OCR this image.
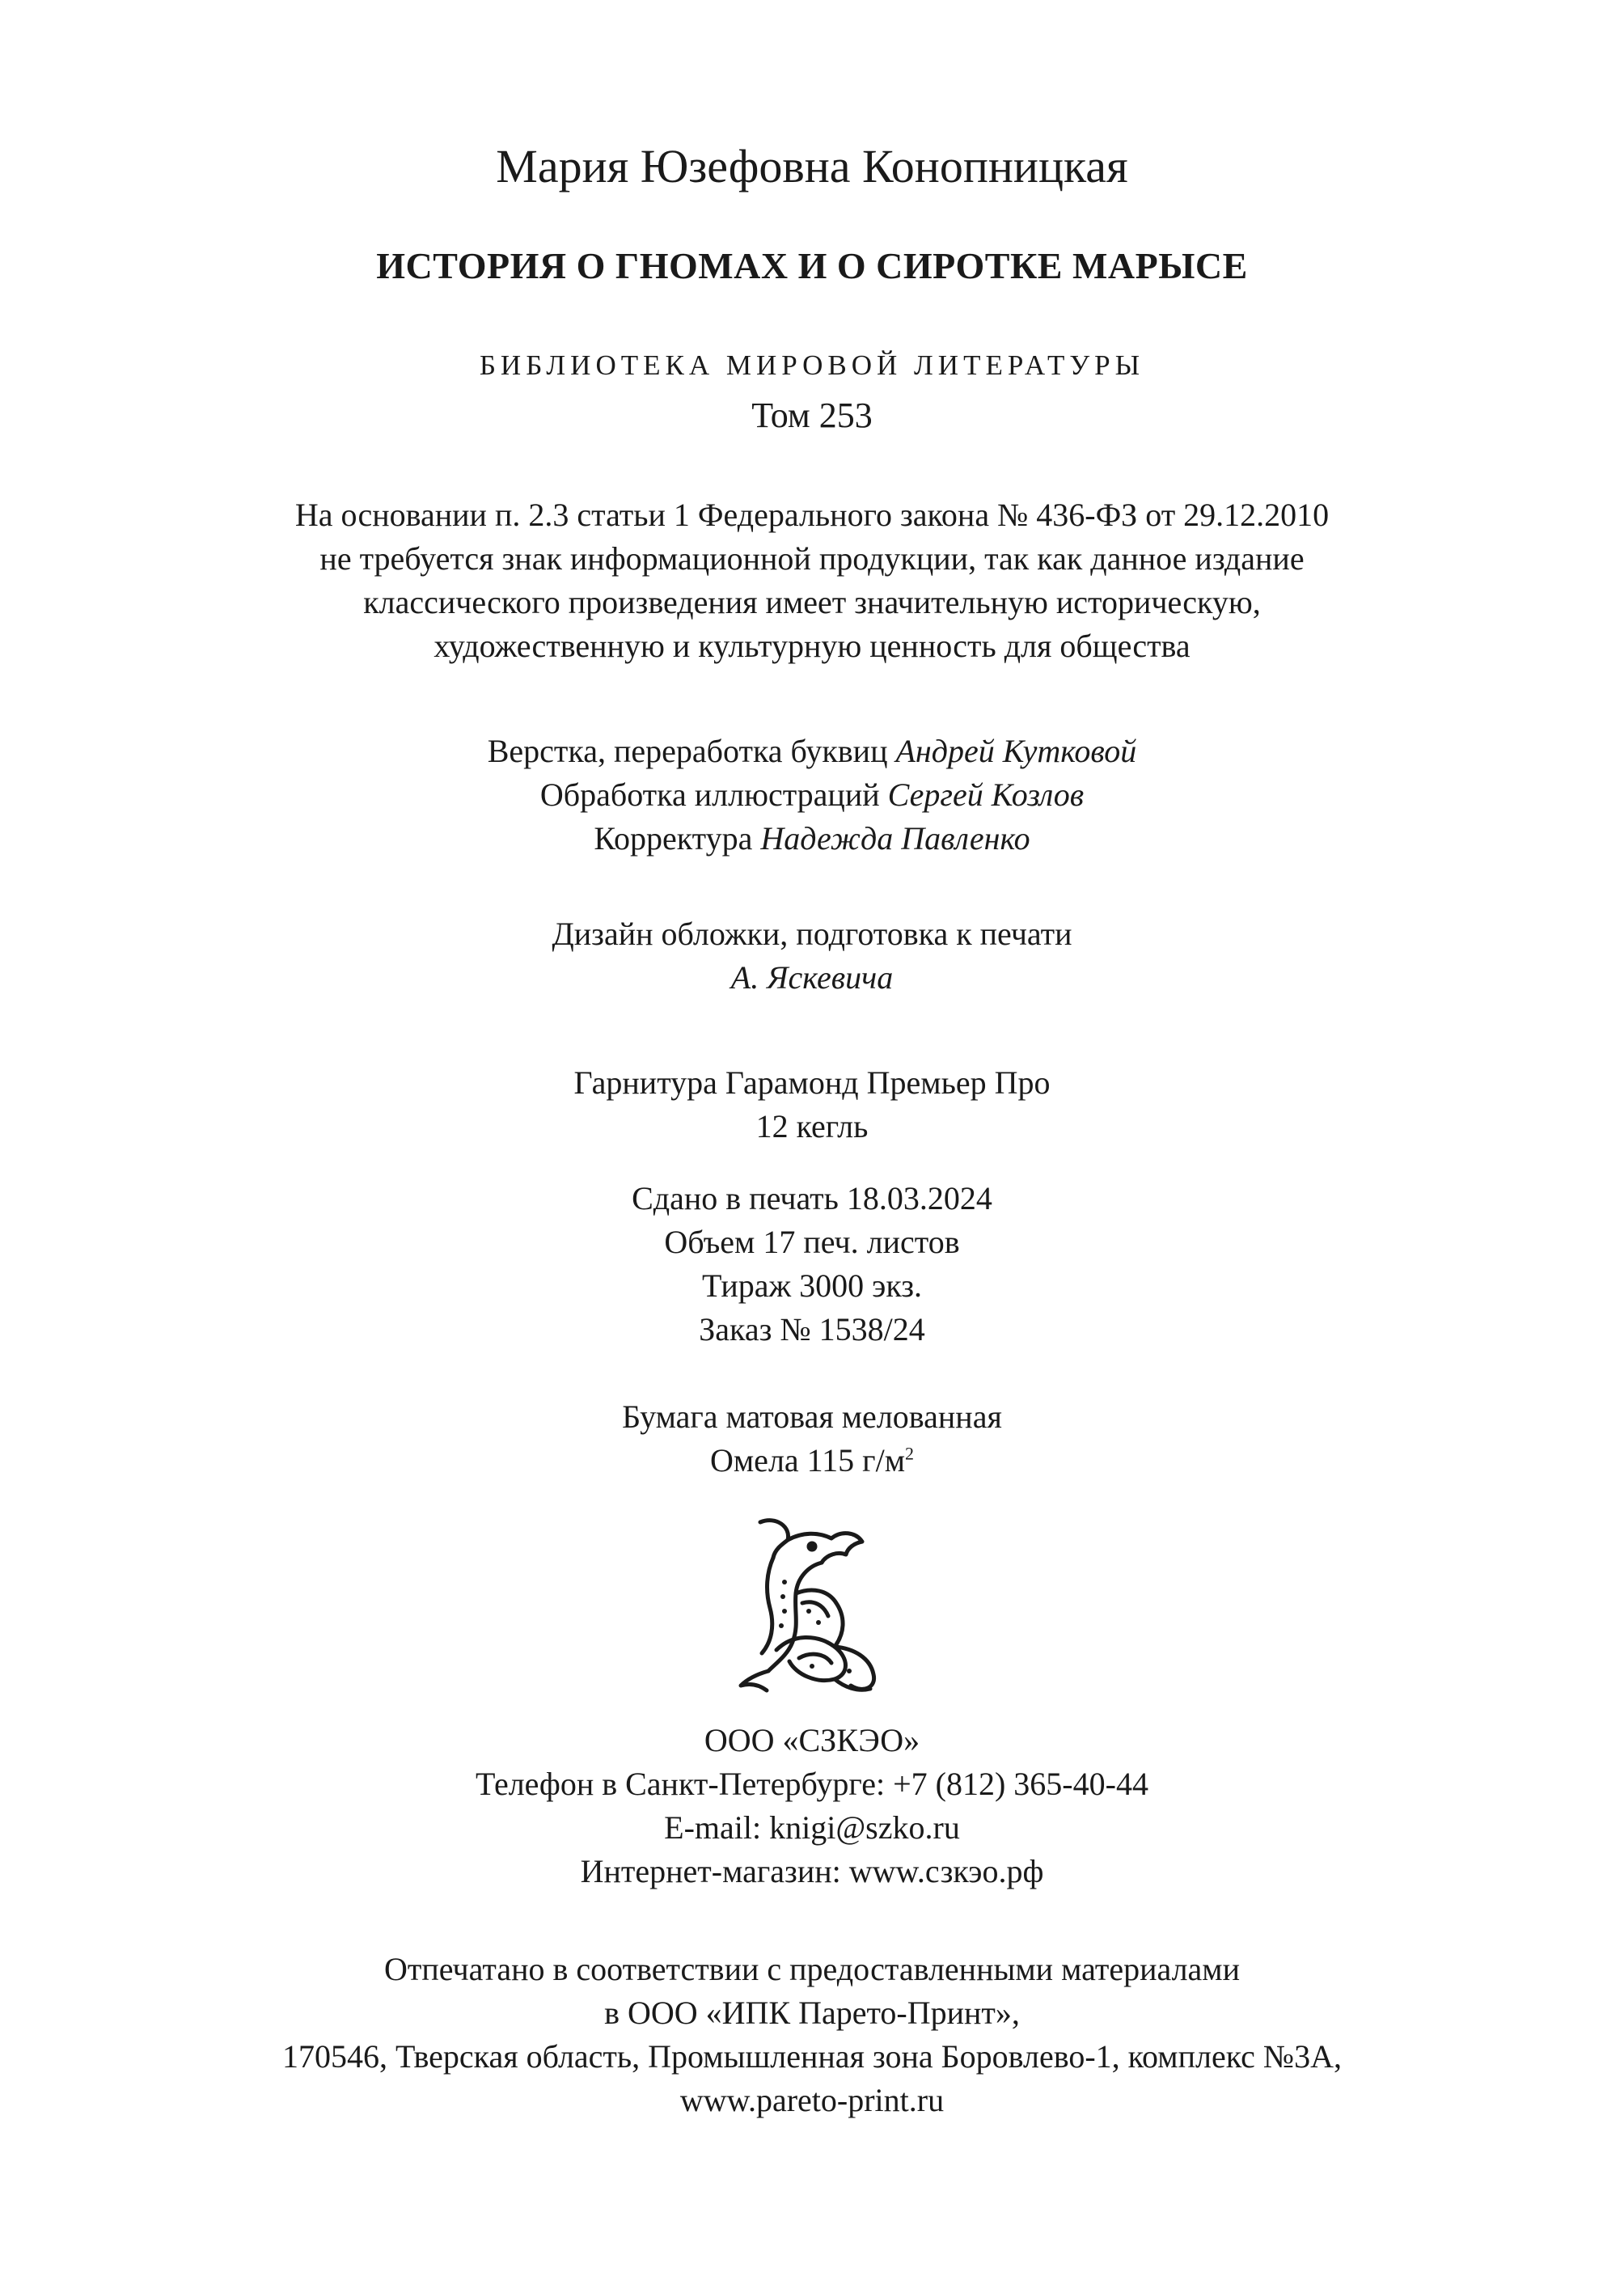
Мария Юзефовна Конопницкая
ИСТОРИЯ О ГНОМАХ И О СИРОТКЕ МАРЫСЕ
БИБЛИОТЕКА МИРОВОЙ ЛИТЕРАТУРЫ
Том 253
На основании п. 2.3 статьи 1 Федерального закона № 436-ФЗ от 29.12.2010
не требуется знак информационной продукции, так как данное издание
классического произведения имеет значительную историческую,
художественную и культурную ценность для общества
Верстка, переработка буквиц Андрей Кутковой
Обработка иллюстраций Сергей Козлов
Корректура Надежда Павленко
Дизайн обложки, подготовка к печати
А. Яскевича
Гарнитура Гарамонд Премьер Про
12 кегль
Сдано в печать 18.03.2024
Объем 17 печ. листов
Тираж 3000 экз.
Заказ № 1538/24
Бумага матовая мелованная
Омела 115 $г/м^2$
ООО «СЗКЭО»
Телефон в Санкт-Петербурге: +7 (812) 365-40-44
E-mail: knigi@szko.ru
Интернет-магазин: www.сзкэо.рф
Отпечатано в соответствии с предоставленными материалами
в ООО «ИПК Парето-Принт»,
170546, Тверская область, Промышленная зона Боровлево-1, комплекс №3А,
www.pareto-print.ru
